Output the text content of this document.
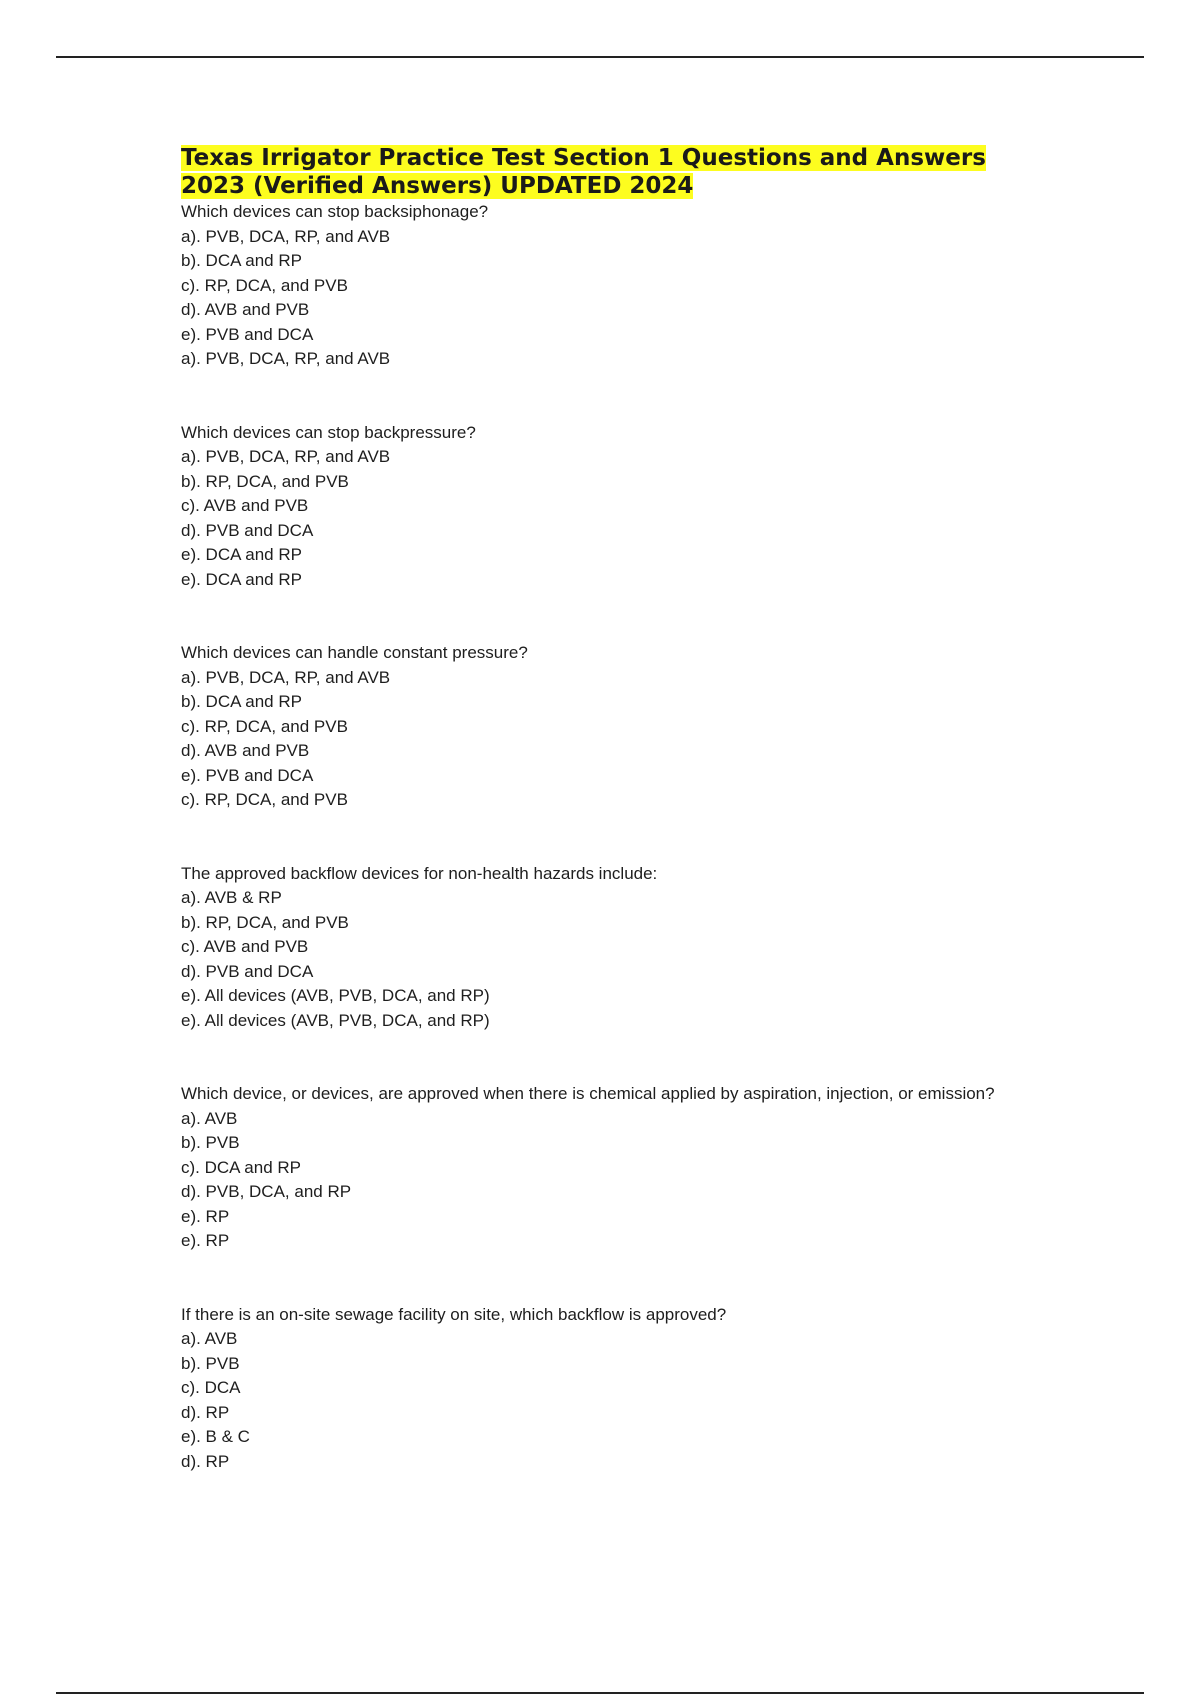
Texas Irrigator Practice Test Section 1 Questions and Answers 2023 (Verified Answers) UPDATED 2024
Which devices can stop backsiphonage?
a). PVB, DCA, RP, and AVB
b). DCA and RP
c). RP, DCA, and PVB
d). AVB and PVB
e). PVB and DCA
a). PVB, DCA, RP, and AVB
Which devices can stop backpressure?
a). PVB, DCA, RP, and AVB
b). RP, DCA, and PVB
c). AVB and PVB
d). PVB and DCA
e). DCA and RP
e). DCA and RP
Which devices can handle constant pressure?
a). PVB, DCA, RP, and AVB
b). DCA and RP
c). RP, DCA, and PVB
d). AVB and PVB
e). PVB and DCA
c). RP, DCA, and PVB
The approved backflow devices for non-health hazards include:
a). AVB & RP
b). RP, DCA, and PVB
c). AVB and PVB
d). PVB and DCA
e). All devices (AVB, PVB, DCA, and RP)
e). All devices (AVB, PVB, DCA, and RP)
Which device, or devices, are approved when there is chemical applied by aspiration, injection, or emission?
a). AVB
b). PVB
c). DCA and RP
d). PVB, DCA, and RP
e). RP
e). RP
If there is an on-site sewage facility on site, which backflow is approved?
a). AVB
b). PVB
c). DCA
d). RP
e). B & C
d). RP
